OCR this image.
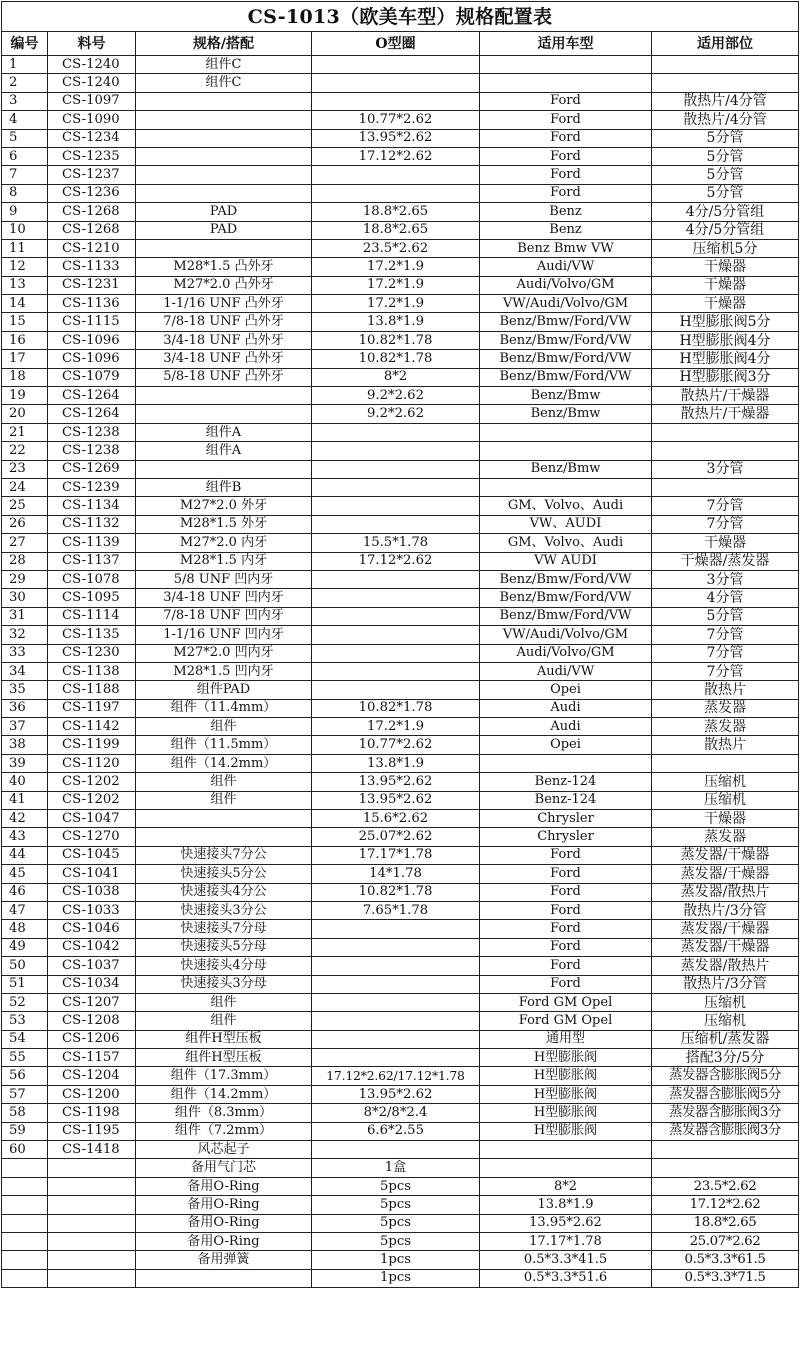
CS-1013（欧美车型）规格配置表					
编号	料号	规格/搭配	O型圈	适用车型	适用部位
1	CS-1240	组件C			
2	CS-1240	组件C			
3	CS-1097			Ford	散热片/4分管
4	CS-1090		10.77*2.62	Ford	散热片/4分管
5	CS-1234		13.95*2.62	Ford	5分管
6	CS-1235		17.12*2.62	Ford	5分管
7	CS-1237			Ford	5分管
8	CS-1236			Ford	5分管
9	CS-1268	PAD	18.8*2.65	Benz	4分/5分管组
10	CS-1268	PAD	18.8*2.65	Benz	4分/5分管组
11	CS-1210		23.5*2.62	Benz Bmw VW	压缩机5分
12	CS-1133	M28*1.5 凸外牙	17.2*1.9	Audi/VW	干燥器
13	CS-1231	M27*2.0 凸外牙	17.2*1.9	Audi/Volvo/GM	干燥器
14	CS-1136	1-1/16 UNF 凸外牙	17.2*1.9	VW/Audi/Volvo/GM	干燥器
15	CS-1115	7/8-18 UNF 凸外牙	13.8*1.9	Benz/Bmw/Ford/VW	H型膨胀阀5分
16	CS-1096	3/4-18 UNF 凸外牙	10.82*1.78	Benz/Bmw/Ford/VW	H型膨胀阀4分
17	CS-1096	3/4-18 UNF 凸外牙	10.82*1.78	Benz/Bmw/Ford/VW	H型膨胀阀4分
18	CS-1079	5/8-18 UNF 凸外牙	8*2	Benz/Bmw/Ford/VW	H型膨胀阀3分
19	CS-1264		9.2*2.62	Benz/Bmw	散热片/干燥器
20	CS-1264		9.2*2.62	Benz/Bmw	散热片/干燥器
21	CS-1238	组件A			
22	CS-1238	组件A			
23	CS-1269			Benz/Bmw	3分管
24	CS-1239	组件B			
25	CS-1134	M27*2.0 外牙		GM、Volvo、Audi	7分管
26	CS-1132	M28*1.5 外牙		VW、AUDI	7分管
27	CS-1139	M27*2.0 内牙	15.5*1.78	GM、Volvo、Audi	干燥器
28	CS-1137	M28*1.5 内牙	17.12*2.62	VW AUDI	干燥器/蒸发器
29	CS-1078	5/8 UNF 凹内牙		Benz/Bmw/Ford/VW	3分管
30	CS-1095	3/4-18 UNF 凹内牙		Benz/Bmw/Ford/VW	4分管
31	CS-1114	7/8-18 UNF 凹内牙		Benz/Bmw/Ford/VW	5分管
32	CS-1135	1-1/16 UNF 凹内牙		VW/Audi/Volvo/GM	7分管
33	CS-1230	M27*2.0 凹内牙		Audi/Volvo/GM	7分管
34	CS-1138	M28*1.5 凹内牙		Audi/VW	7分管
35	CS-1188	组件PAD		Opei	散热片
36	CS-1197	组件（11.4mm）	10.82*1.78	Audi	蒸发器
37	CS-1142	组件	17.2*1.9	Audi	蒸发器
38	CS-1199	组件（11.5mm）	10.77*2.62	Opei	散热片
39	CS-1120	组件（14.2mm）	13.8*1.9		
40	CS-1202	组件	13.95*2.62	Benz-124	压缩机
41	CS-1202	组件	13.95*2.62	Benz-124	压缩机
42	CS-1047		15.6*2.62	Chrysler	干燥器
43	CS-1270		25.07*2.62	Chrysler	蒸发器
44	CS-1045	快速接头7分公	17.17*1.78	Ford	蒸发器/干燥器
45	CS-1041	快速接头5分公	14*1.78	Ford	蒸发器/干燥器
46	CS-1038	快速接头4分公	10.82*1.78	Ford	蒸发器/散热片
47	CS-1033	快速接头3分公	7.65*1.78	Ford	散热片/3分管
48	CS-1046	快速接头7分母		Ford	蒸发器/干燥器
49	CS-1042	快速接头5分母		Ford	蒸发器/干燥器
50	CS-1037	快速接头4分母		Ford	蒸发器/散热片
51	CS-1034	快速接头3分母		Ford	散热片/3分管
52	CS-1207	组件		Ford GM Opel	压缩机
53	CS-1208	组件		Ford GM Opel	压缩机
54	CS-1206	组件H型压板		通用型	压缩机/蒸发器
55	CS-1157	组件H型压板		H型膨胀阀	搭配3分/5分
56	CS-1204	组件（17.3mm）	17.12*2.62/17.12*1.78	H型膨胀阀	蒸发器含膨胀阀5分
57	CS-1200	组件（14.2mm）	13.95*2.62	H型膨胀阀	蒸发器含膨胀阀5分
58	CS-1198	组件（8.3mm）	8*2/8*2.4	H型膨胀阀	蒸发器含膨胀阀3分
59	CS-1195	组件（7.2mm）	6.6*2.55	H型膨胀阀	蒸发器含膨胀阀3分
60	CS-1418	风芯起子			
		备用气门芯	1盒		
		备用O-Ring	5pcs	8*2	23.5*2.62
		备用O-Ring	5pcs	13.8*1.9	17.12*2.62
		备用O-Ring	5pcs	13.95*2.62	18.8*2.65
		备用O-Ring	5pcs	17.17*1.78	25.07*2.62
		备用弹簧	1pcs	0.5*3.3*41.5	0.5*3.3*61.5
			1pcs	0.5*3.3*51.6	0.5*3.3*71.5
